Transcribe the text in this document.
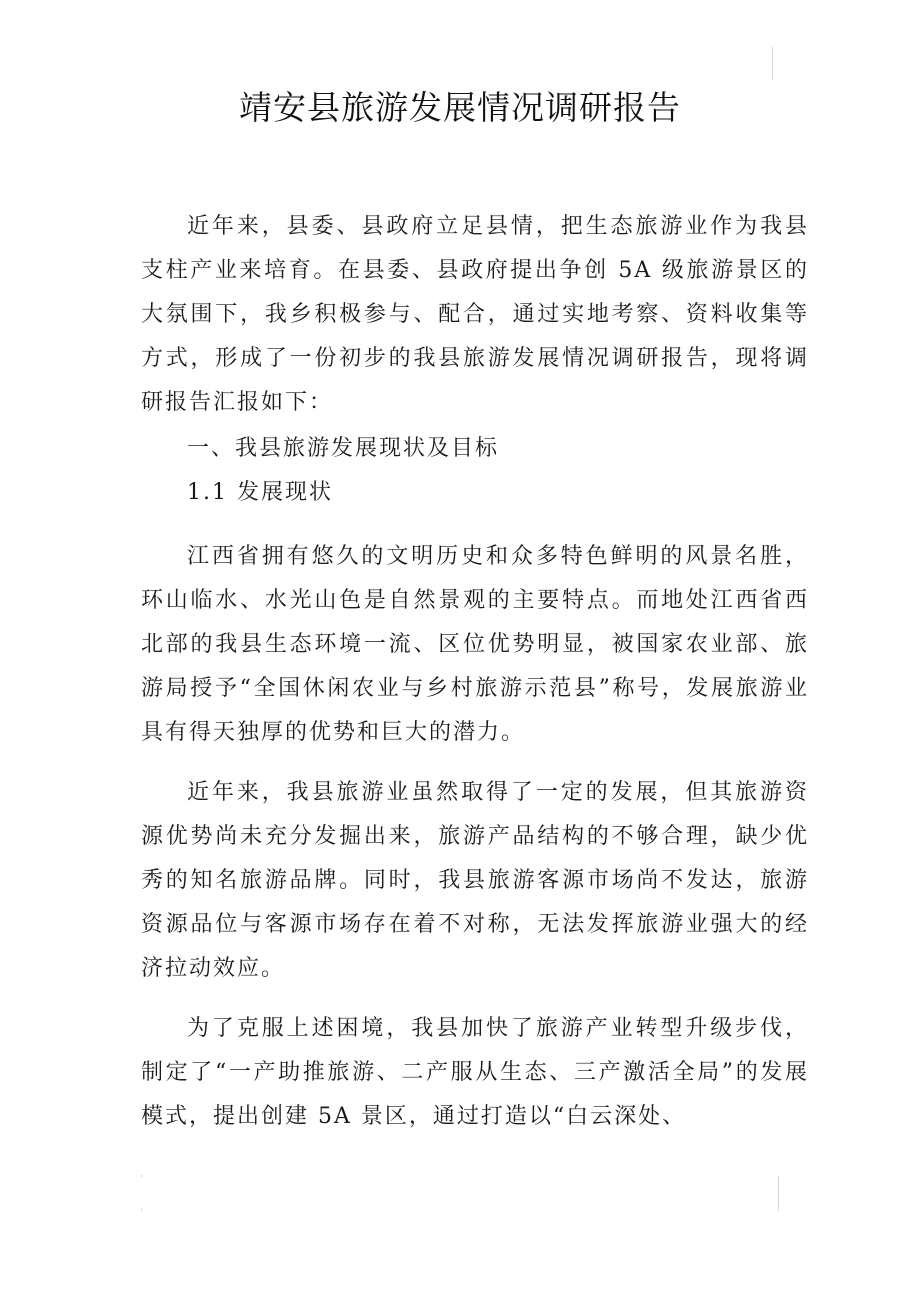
靖安县旅游发展情况调研报告

近年来，县委、县政府立足县情，把生态旅游业作为我县支柱产业来培育。在县委、县政府提出争创 5A 级旅游景区的大氛围下，我乡积极参与、配合，通过实地考察、资料收集等方式，形成了一份初步的我县旅游发展情况调研报告，现将调研报告汇报如下：

一、我县旅游发展现状及目标

1.1 发展现状

江西省拥有悠久的文明历史和众多特色鲜明的风景名胜，环山临水、水光山色是自然景观的主要特点。而地处江西省西北部的我县生态环境一流、区位优势明显，被国家农业部、旅游局授予“全国休闲农业与乡村旅游示范县”称号，发展旅游业具有得天独厚的优势和巨大的潜力。

近年来，我县旅游业虽然取得了一定的发展，但其旅游资源优势尚未充分发掘出来，旅游产品结构的不够合理，缺少优秀的知名旅游品牌。同时，我县旅游客源市场尚不发达，旅游资源品位与客源市场存在着不对称，无法发挥旅游业强大的经济拉动效应。

为了克服上述困境，我县加快了旅游产业转型升级步伐，制定了“一产助推旅游、二产服从生态、三产激活全局”的发展模式，提出创建 5A 景区，通过打造以“白云深处、
